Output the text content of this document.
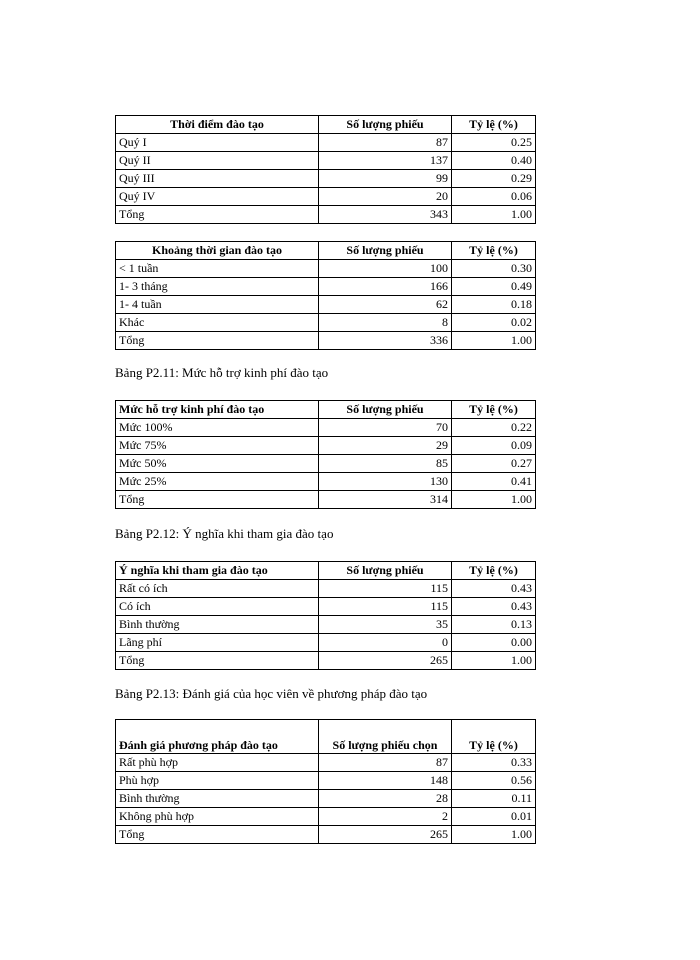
Thời điểm đào tạo	Số lượng phiếu	Tỷ lệ (%)
Quý I	87	0.25
Quý II	137	0.40
Quý III	99	0.29
Quý IV	20	0.06
Tổng	343	1.00
Khoảng thời gian đào tạo	Số lượng phiếu	Tỷ lệ (%)
< 1 tuần	100	0.30
1- 3 tháng	166	0.49
1- 4 tuần	62	0.18
Khác	8	0.02
Tổng	336	1.00
Bảng P2.11: Mức hỗ trợ kinh phí đào tạo
Mức hỗ trợ kinh phí đào tạo	Số lượng phiếu	Tỷ lệ (%)
Mức 100%	70	0.22
Mức 75%	29	0.09
Mức 50%	85	0.27
Mức 25%	130	0.41
Tổng	314	1.00
Bảng P2.12: Ý nghĩa khi tham gia đào tạo
Ý nghĩa khi tham gia đào tạo	Số lượng phiếu	Tỷ lệ (%)
Rất có ích	115	0.43
Có ích	115	0.43
Bình thường	35	0.13
Lãng phí	0	0.00
Tổng	265	1.00
Bảng P2.13: Đánh giá của học viên về phương pháp đào tạo
Đánh giá phương pháp đào tạo	Số lượng phiếu chọn	Tỷ lệ (%)
Rất phù hợp	87	0.33
Phù hợp	148	0.56
Bình thường	28	0.11
Không phù hợp	2	0.01
Tổng	265	1.00
